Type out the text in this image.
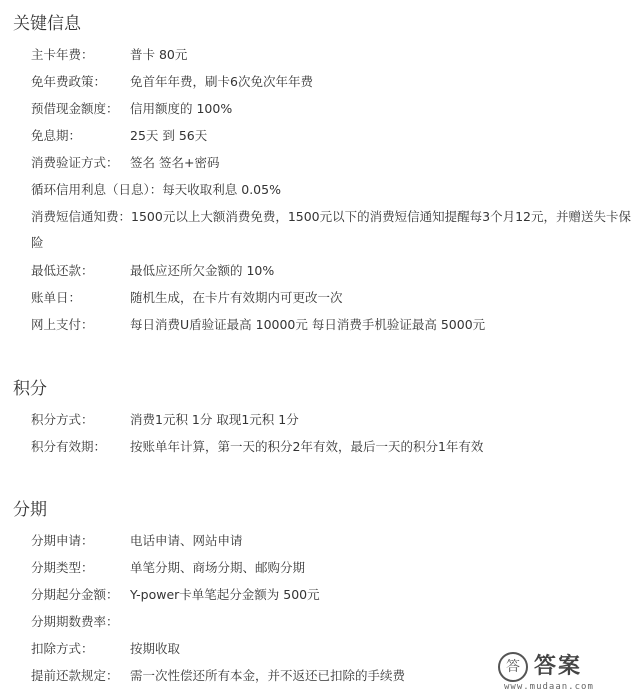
关键信息
主卡年费：	普卡 80元
免年费政策： 免首年年费，刷卡6次免次年年费
预借现金额度： 信用额度的 100%
免息期：	25天 到 56天
消费验证方式： 签名 签名+密码
循环信用利息（日息）：每天收取利息 0.05%
消费短信通知费：1500元以上大额消费免费，1500元以下的消费短信通知提醒每3个月12元，并赠送失卡保险
最低还款：	最低应还所欠金额的 10%
账单日：	随机生成，在卡片有效期内可更改一次
网上支付：	每日消费U盾验证最高 10000元 每日消费手机验证最高 5000元
积分
积分方式：	消费1元积 1分 取现1元积 1分
积分有效期： 按账单年计算，第一天的积分2年有效，最后一天的积分1年有效
分期
分期申请：	电话申请、网站申请
分期类型：	单笔分期、商场分期、邮购分期
分期起分金额： Y-power卡单笔起分金额为 500元
分期期数费率：
扣除方式：	按期收取
提前还款规定： 需一次性偿还所有本金，并不返还已扣除的手续费
答 答案
www.mudaan.com
